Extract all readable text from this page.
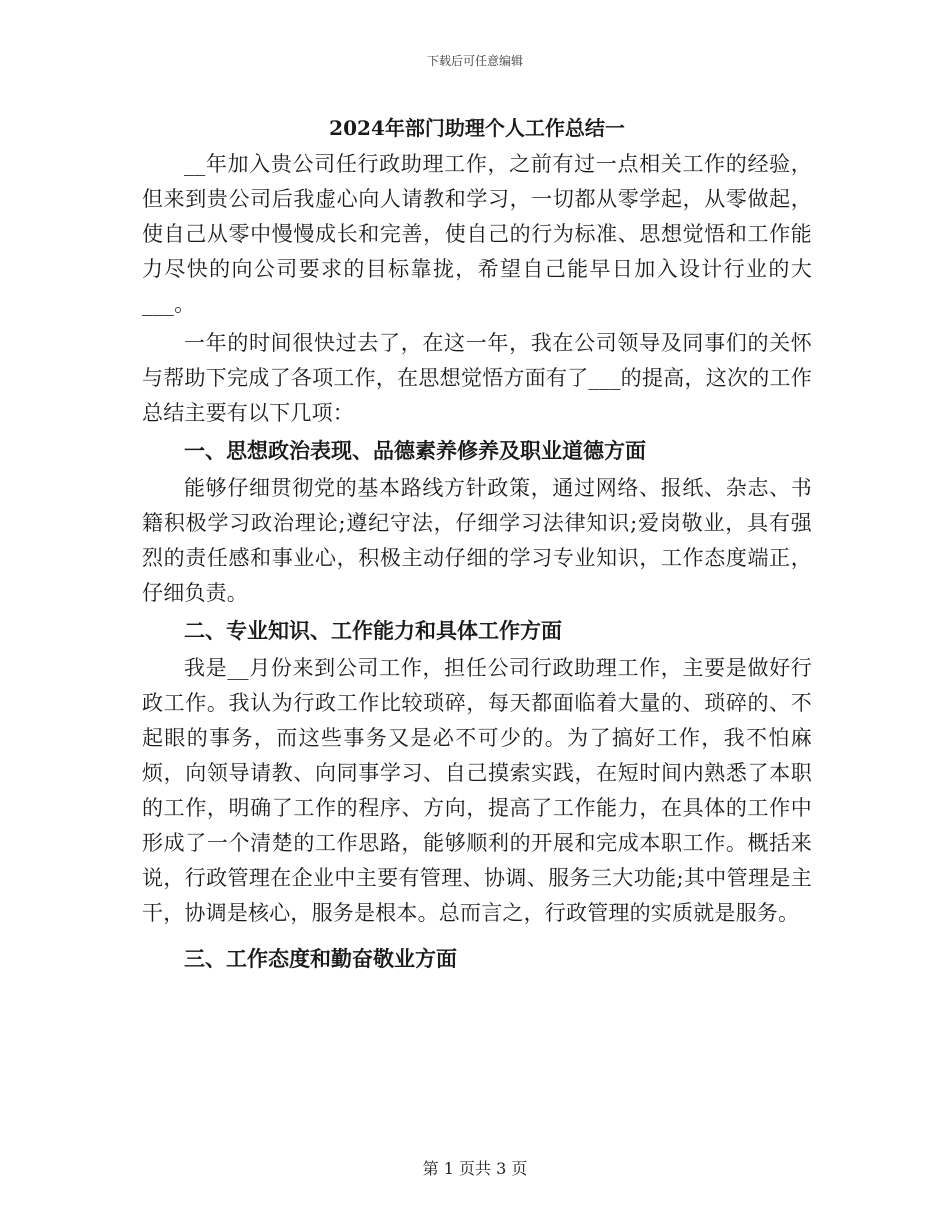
下载后可任意编辑
2024年部门助理个人工作总结一

__年加入贵公司任行政助理工作，之前有过一点相关工作的经验，但来到贵公司后我虚心向人请教和学习，一切都从零学起，从零做起，使自己从零中慢慢成长和完善，使自己的行为标准、思想觉悟和工作能力尽快的向公司要求的目标靠拢，希望自己能早日加入设计行业的大___。

一年的时间很快过去了，在这一年，我在公司领导及同事们的关怀与帮助下完成了各项工作，在思想觉悟方面有了___的提高，这次的工作总结主要有以下几项：

一、思想政治表现、品德素养修养及职业道德方面

能够仔细贯彻党的基本路线方针政策，通过网络、报纸、杂志、书籍积极学习政治理论;遵纪守法，仔细学习法律知识;爱岗敬业，具有强烈的责任感和事业心，积极主动仔细的学习专业知识，工作态度端正，仔细负责。

二、专业知识、工作能力和具体工作方面

我是__月份来到公司工作，担任公司行政助理工作，主要是做好行政工作。我认为行政工作比较琐碎，每天都面临着大量的、琐碎的、不起眼的事务，而这些事务又是必不可少的。为了搞好工作，我不怕麻烦，向领导请教、向同事学习、自己摸索实践，在短时间内熟悉了本职的工作，明确了工作的程序、方向，提高了工作能力，在具体的工作中形成了一个清楚的工作思路，能够顺利的开展和完成本职工作。概括来说，行政管理在企业中主要有管理、协调、服务三大功能;其中管理是主干，协调是核心，服务是根本。总而言之，行政管理的实质就是服务。

三、工作态度和勤奋敬业方面

第 1 页共 3 页
